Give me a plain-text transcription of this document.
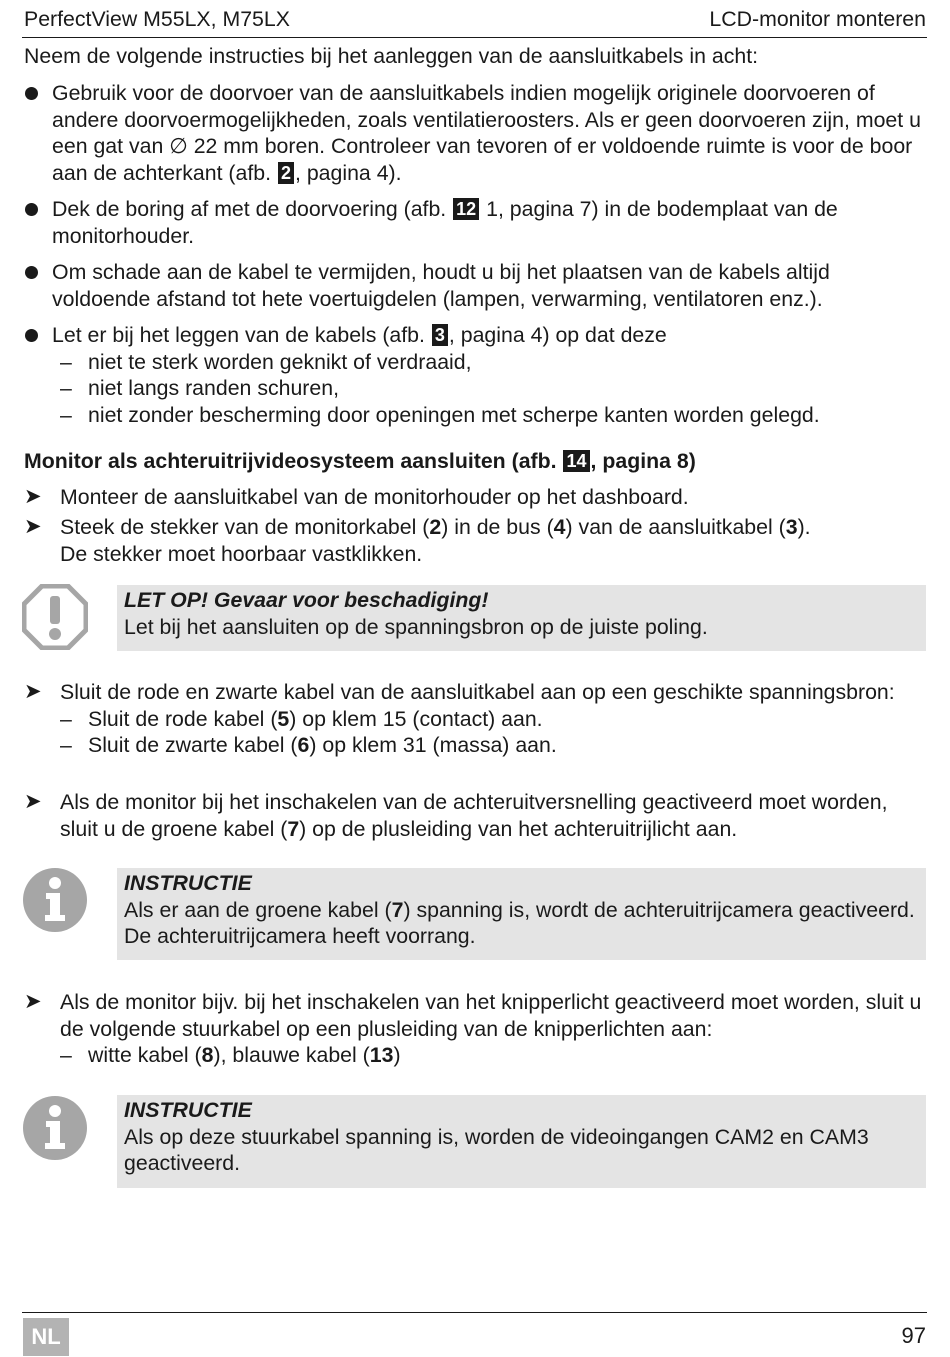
PerfectView M55LX, M75LX	LCD-monitor monteren
Neem de volgende instructies bij het aanleggen van de aansluitkabels in acht:
Gebruik voor de doorvoer van de aansluitkabels indien mogelijk originele doorvoeren of andere doorvoermogelijkheden, zoals ventilatieroosters. Als er geen doorvoeren zijn, moet u een gat van ∅ 22 mm boren. Controleer van tevoren of er voldoende ruimte is voor de boor aan de achterkant (afb. 2 , pagina 4).
Dek de boring af met de doorvoering (afb. 12 1, pagina 7) in de bodemplaat van de monitorhouder.
Om schade aan de kabel te vermijden, houdt u bij het plaatsen van de kabels altijd voldoende afstand tot hete voertuigdelen (lampen, verwarming, ventilatoren enz.).
Let er bij het leggen van de kabels (afb. 3 , pagina 4) op dat deze
– niet te sterk worden geknikt of verdraaid,
– niet langs randen schuren,
– niet zonder bescherming door openingen met scherpe kanten worden gelegd.
Monitor als achteruitrijvideosysteem aansluiten (afb. 14 , pagina 8)
➤ Monteer de aansluitkabel van de monitorhouder op het dashboard.
➤ Steek de stekker van de monitorkabel (2) in de bus (4) van de aansluitkabel (3).
De stekker moet hoorbaar vastklikken.
LET OP! Gevaar voor beschadiging!
Let bij het aansluiten op de spanningsbron op de juiste poling.
➤ Sluit de rode en zwarte kabel van de aansluitkabel aan op een geschikte spanningsbron:
– Sluit de rode kabel (5) op klem 15 (contact) aan.
– Sluit de zwarte kabel (6) op klem 31 (massa) aan.
➤ Als de monitor bij het inschakelen van de achteruitversnelling geactiveerd moet worden, sluit u de groene kabel (7) op de plusleiding van het achteruitrijlicht aan.
INSTRUCTIE
Als er aan de groene kabel (7) spanning is, wordt de achteruitrijcamera geactiveerd. De achteruitrijcamera heeft voorrang.
➤ Als de monitor bijv. bij het inschakelen van het knipperlicht geactiveerd moet worden, sluit u de volgende stuurkabel op een plusleiding van de knipperlichten aan:
– witte kabel (8), blauwe kabel (13)
INSTRUCTIE
Als op deze stuurkabel spanning is, worden de videoingangen CAM2 en CAM3 geactiveerd.
NL	97
